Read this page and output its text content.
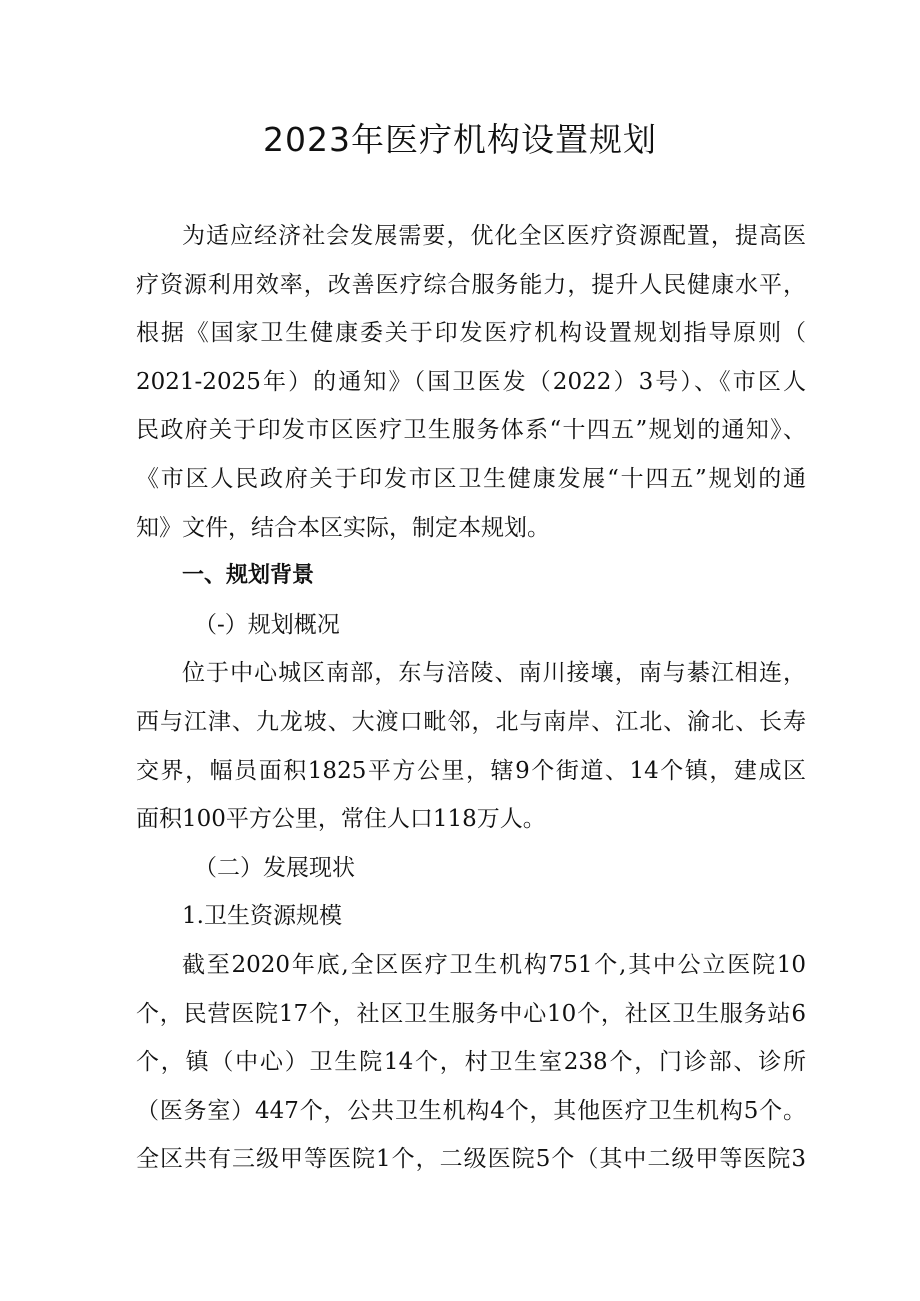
2023年医疗机构设置规划
为适应经济社会发展需要，优化全区医疗资源配置，提高医
疗资源利用效率，改善医疗综合服务能力，提升人民健康水平，
根据《国家卫生健康委关于印发医疗机构设置规划指导原则（
2021-2025年）的通知》（国卫医发（2022）3号）、《市区人
民政府关于印发市区医疗卫生服务体系“十四五”规划的通知》、
《市区人民政府关于印发市区卫生健康发展“十四五”规划的通
知》文件，结合本区实际，制定本规划。
一、规划背景
（-）规划概况
位于中心城区南部，东与涪陵、南川接壤，南与綦江相连，
西与江津、九龙坡、大渡口毗邻，北与南岸、江北、渝北、长寿
交界，幅员面积1825平方公里，辖9个街道、14个镇，建成区
面积100平方公里，常住人口118万人。
（二）发展现状
1.卫生资源规模
截至2020年底,全区医疗卫生机构751个,其中公立医院10
个，民营医院17个，社区卫生服务中心10个，社区卫生服务站6
个，镇（中心）卫生院14个，村卫生室238个，门诊部、诊所
（医务室）447个，公共卫生机构4个，其他医疗卫生机构5个。
全区共有三级甲等医院1个，二级医院5个（其中二级甲等医院3
